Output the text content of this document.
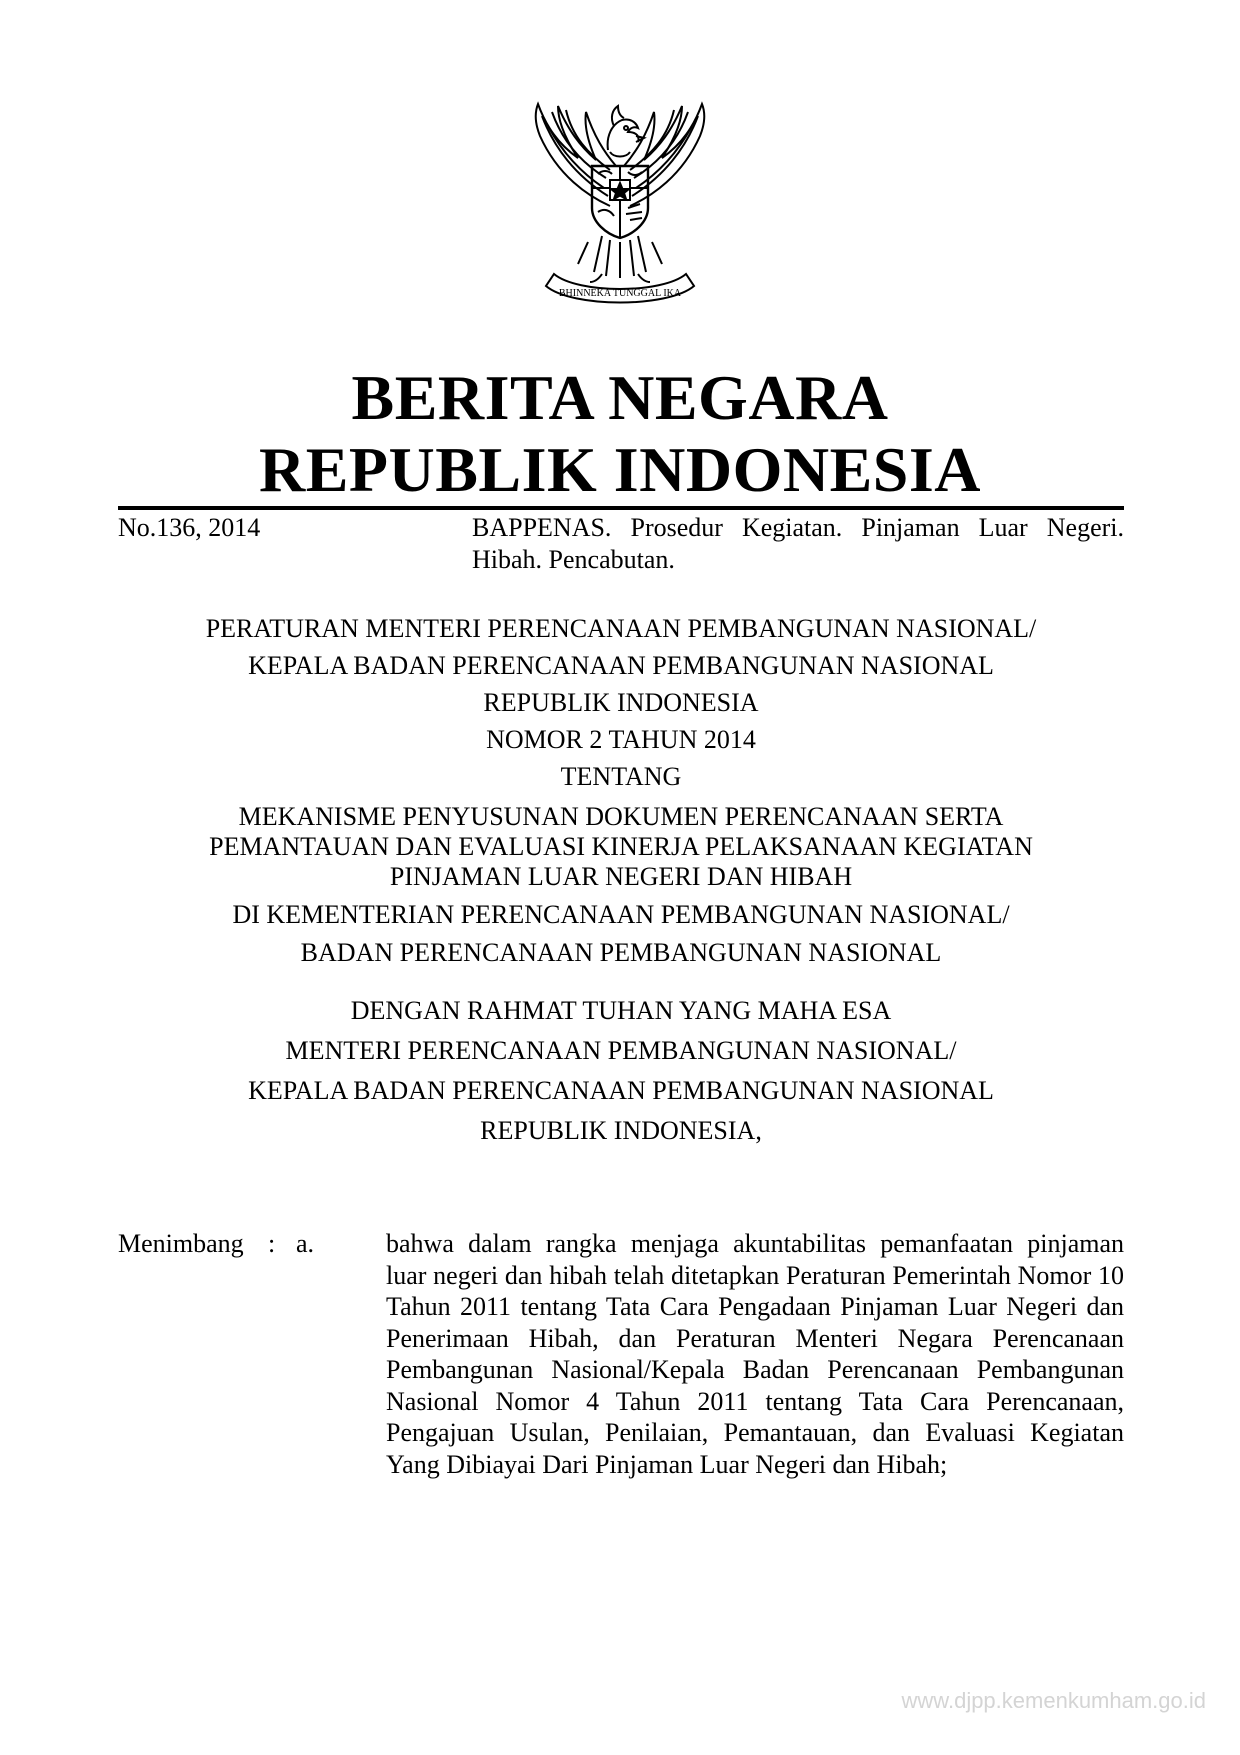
BHINNEKA TUNGGAL IKA
BERITA NEGARA
REPUBLIK INDONESIA
No.136, 2014	BAPPENAS. Prosedur Kegiatan. Pinjaman Luar Negeri. Hibah. Pencabutan.
PERATURAN MENTERI PERENCANAAN PEMBANGUNAN NASIONAL/
KEPALA BADAN PERENCANAAN PEMBANGUNAN NASIONAL
REPUBLIK INDONESIA
NOMOR 2 TAHUN 2014
TENTANG
MEKANISME PENYUSUNAN DOKUMEN PERENCANAAN SERTA
PEMANTAUAN DAN EVALUASI KINERJA PELAKSANAAN KEGIATAN
PINJAMAN LUAR NEGERI DAN HIBAH
DI KEMENTERIAN PERENCANAAN PEMBANGUNAN NASIONAL/
BADAN PERENCANAAN PEMBANGUNAN NASIONAL
DENGAN RAHMAT TUHAN YANG MAHA ESA
MENTERI PERENCANAAN PEMBANGUNAN NASIONAL/
KEPALA BADAN PERENCANAAN PEMBANGUNAN NASIONAL
REPUBLIK INDONESIA,
Menimbang : a.	bahwa dalam rangka menjaga akuntabilitas pemanfaatan pinjaman luar negeri dan hibah telah ditetapkan Peraturan Pemerintah Nomor 10 Tahun 2011 tentang Tata Cara Pengadaan Pinjaman Luar Negeri dan Penerimaan Hibah, dan Peraturan Menteri Negara Perencanaan Pembangunan Nasional/Kepala Badan Perencanaan Pembangunan Nasional Nomor 4 Tahun 2011 tentang Tata Cara Perencanaan, Pengajuan Usulan, Penilaian, Pemantauan, dan Evaluasi Kegiatan Yang Dibiayai Dari Pinjaman Luar Negeri dan Hibah;
www.djpp.kemenkumham.go.id
